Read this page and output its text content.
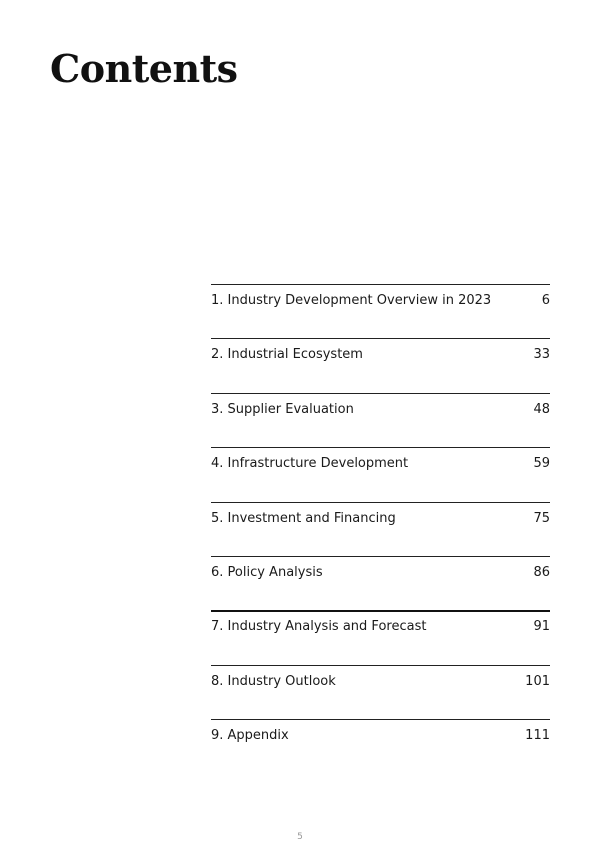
Contents
1. Industry Development Overview in 2023	6
2. Industrial Ecosystem	33
3. Supplier Evaluation	48
4. Infrastructure Development	59
5. Investment and Financing	75
6. Policy Analysis	86
7. Industry Analysis and Forecast	91
8. Industry Outlook	101
9. Appendix	111
5
